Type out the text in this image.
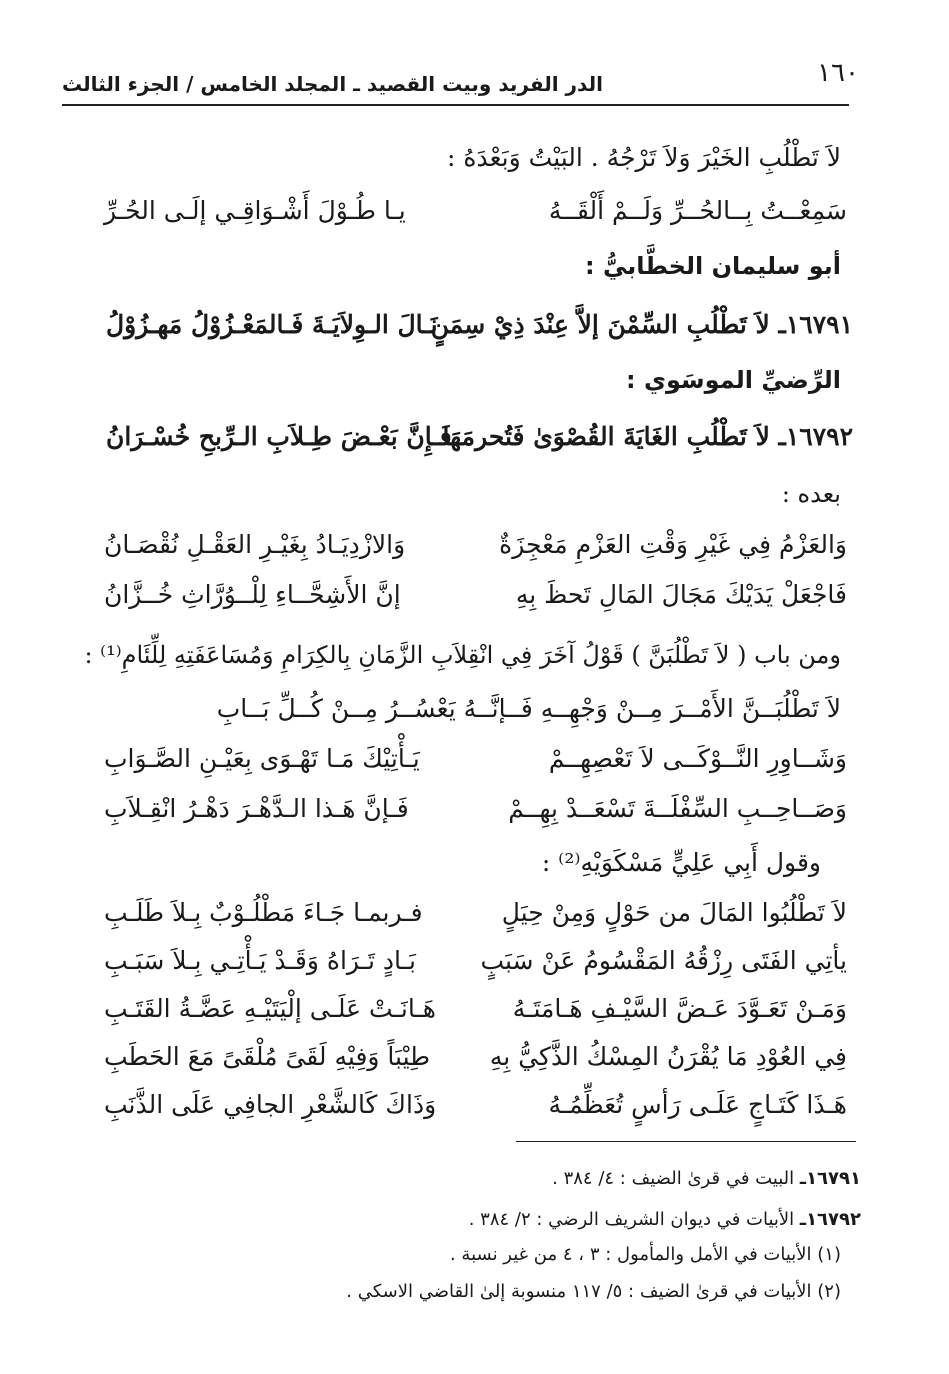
١٦٠
الدر الفريد وبيت القصيد ـ المجلد الخامس / الجزء الثالث
لاَ تَطْلُبِ الخَيْرَ وَلاَ تَرْجُهُ . البَيْتُ وَبَعْدَهُ :
سَمِعْــتُ بِــالحُــرِّ وَلَــمْ أَلْقَــهُ
يـا طُـوْلَ أَشْـوَاقِـي إلَـى الحُـرِّ
أبو سليمان الخطَّابيُّ :
١٦٧٩١ـ لاَ تَطْلُبِ السِّمْنَ إلاَّ عِنْدَ ذِيْ سِمَنٍ
نَـالَ الـوِلاَيَـةَ فَـالمَعْـزُوْلُ مَهـزُوْلُ
الرِّضيِّ الموسَوي :
١٦٧٩٢ـ لاَ تَطْلُبِ الغَايَةَ القُصْوَىٰ فَتُحرمَهَا
فَـإِنَّ بَعْـضَ طِـلاَبِ الـرِّبحِ خُسْـرَانُ
بعده :
وَالعَزْمُ فِي غَيْرِ وَقْتِ العَزْمِ مَعْجِزَةٌ
وَالازْدِيَـادُ بِغَيْـرِ العَقْـلِ نُقْصَـانُ
فَاجْعَلْ يَدَيْكَ مَجَالَ المَالِ تَحظَ بِهِ
إنَّ الأَشِحَّــاءِ لِلْــوُرَّاثِ خُــزَّانُ
ومن باب ( لاَ تَطْلُبَنَّ ) قَوْلُ آخَرَ فِي انْقِلاَبِ الزَّمَانِ بِالكِرَامِ وَمُسَاعَفَتِهِ لِلِّئَامِ⁽¹⁾ :
لاَ تَطْلُبَــنَّ الأَمْــرَ مِــنْ وَجْهِــهِ فَــإنَّــهُ يَعْسُــرُ مِــنْ كُــلِّ بَــابِ
وَشَــاوِرِ النَّــوْكَــى لاَ تَعْصِهِــمْ
يَـأْتِيْكَ مَـا تَهْـوَى بِعَيْـنِ الصَّـوَابِ
وَصَــاحِــبِ السِّفْلَــةَ تَسْعَــدْ بِهِــمْ
فَـإنَّ هَـذا الـدَّهْـرَ دَهْـرُ انْقِـلاَبِ
وقول أَبِي عَلِيٍّ مَسْكَوَيْهِ⁽²⁾ :
لاَ تَطْلُبُوا المَالَ من حَوْلٍ وَمِنْ حِيَلٍ
فـربمـا جَـاءَ مَطْلُـوْبٌ بِـلاَ طَلَـبِ
يأتِي الفَتَى رِزْقُهُ المَقْسُومُ عَنْ سَبَبٍ
بَـادٍ تَـرَاهُ وَقَـدْ يَـأْتِـي بِـلاَ سَبَـبِ
وَمَـنْ تَعَـوَّدَ عَـضَّ السَّيْـفِ هَـامَتَـهُ
هَـانَـتْ عَلَـى إلْيَتَيْـهِ عَضَّـةُ القَتَـبِ
فِي العُوْدِ مَا يُقْرَنُ المِسْكُ الذَّكِيُّ بِهِ
طِيْبَاً وَفِيْهِ لَقَىً مُلْقَىً مَعَ الحَطَبِ
هَـذَا كَتَـاجٍ عَلَـى رَأسٍ تُعَظِّمُـهُ
وَذَاكَ كَالشَّعْرِ الجافِي عَلَى الذَّنَبِ
١٦٧٩١ـ البيت في قرىٰ الضيف : ٤/ ٣٨٤ .
١٦٧٩٢ـ الأبيات في ديوان الشريف الرضي : ٢/ ٣٨٤ .
(١) الأبيات في الأمل والمأمول : ٣ ، ٤ من غير نسبة .
(٢) الأبيات في قرىٰ الضيف : ٥/ ١١٧ منسوبة إلىٰ القاضي الاسكي .
